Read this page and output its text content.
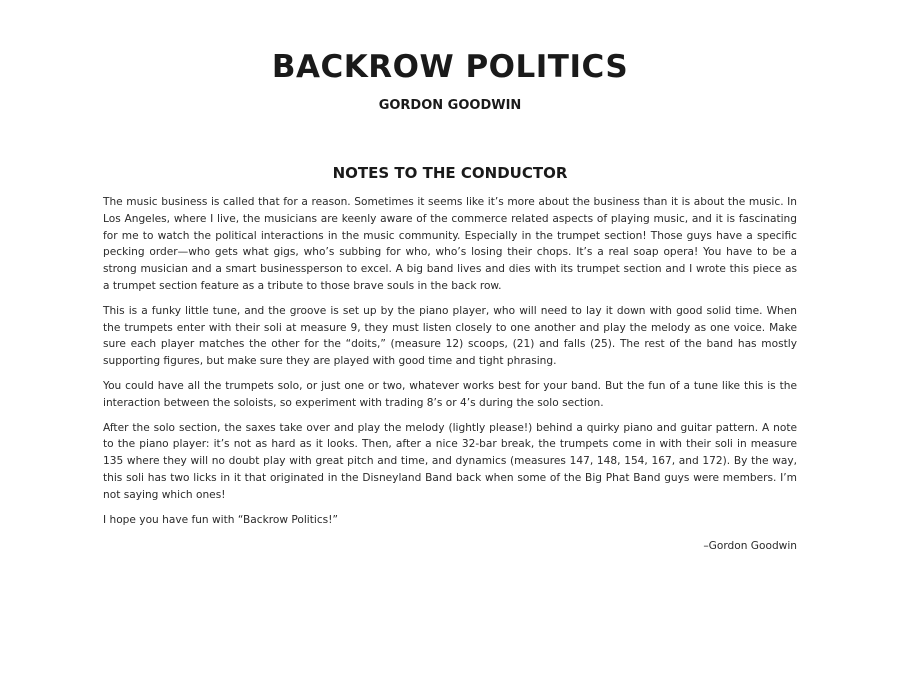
BACKROW POLITICS
GORDON GOODWIN
NOTES TO THE CONDUCTOR

The music business is called that for a reason. Sometimes it seems like it’s more about the business than it is about the music. In Los Angeles, where I live, the musicians are keenly aware of the commerce related aspects of playing music, and it is fascinating for me to watch the political interactions in the music community. Especially in the trumpet section! Those guys have a specific pecking order—who gets what gigs, who’s subbing for who, who’s losing their chops. It’s a real soap opera! You have to be a strong musician and a smart businessperson to excel. A big band lives and dies with its trumpet section and I wrote this piece as a trumpet section feature as a tribute to those brave souls in the back row.

This is a funky little tune, and the groove is set up by the piano player, who will need to lay it down with good solid time. When the trumpets enter with their soli at measure 9, they must listen closely to one another and play the melody as one voice. Make sure each player matches the other for the “doits,” (measure 12) scoops, (21) and falls (25). The rest of the band has mostly supporting figures, but make sure they are played with good time and tight phrasing.

You could have all the trumpets solo, or just one or two, whatever works best for your band. But the fun of a tune like this is the interaction between the soloists, so experiment with trading 8’s or 4’s during the solo section.

After the solo section, the saxes take over and play the melody (lightly please!) behind a quirky piano and guitar pattern. A note to the piano player: it’s not as hard as it looks. Then, after a nice 32-bar break, the trumpets come in with their soli in measure 135 where they will no doubt play with great pitch and time, and dynamics (measures 147, 148, 154, 167, and 172). By the way, this soli has two licks in it that originated in the Disneyland Band back when some of the Big Phat Band guys were members. I’m not saying which ones!

I hope you have fun with “Backrow Politics!”

–Gordon Goodwin
